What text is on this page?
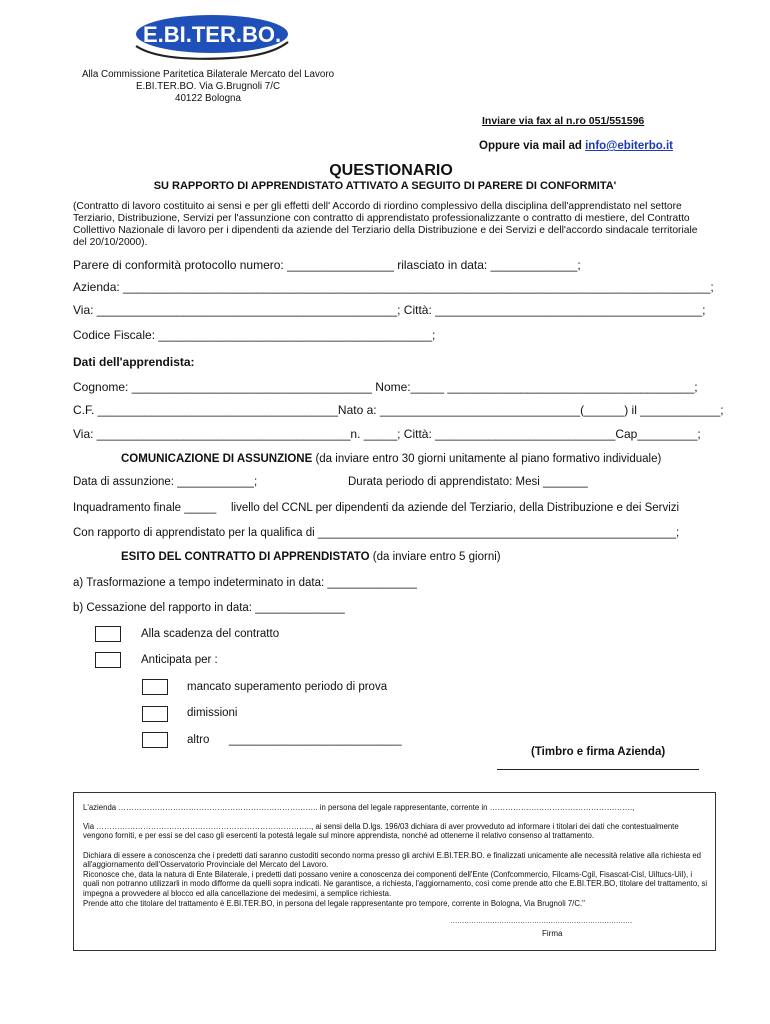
E.BI.TER.BO.
Alla Commissione Paritetica Bilaterale Mercato del Lavoro
E.BI.TER.BO. Via G.Brugnoli 7/C
40122 Bologna
Inviare via fax al n.ro 051/551596
Oppure via mail ad info@ebiterbo.it
QUESTIONARIO
SU RAPPORTO DI APPRENDISTATO ATTIVATO A SEGUITO DI PARERE DI CONFORMITA'
(Contratto di lavoro costituito ai sensi e per gli effetti dell' Accordo di riordino complessivo della disciplina dell'apprendistato nel settore Terziario, Distribuzione, Servizi per l'assunzione con contratto di apprendistato professionalizzante o contratto di mestiere, del Contratto Collettivo Nazionale di lavoro per i dipendenti da aziende del Terziario della Distribuzione e dei Servizi e dell'accordo sindacale territoriale del 20/10/2000).
Parere di conformità protocollo numero: ________________ rilasciato in data: _____________;
Azienda: ________________________________________________________________________________________;
Via: _____________________________________________; Città: ________________________________________;
Codice Fiscale: _________________________________________;
Dati dell'apprendista:
Cognome: ____________________________________ Nome:_____ _____________________________________;
C.F. ____________________________________Nato a: ______________________________(______) il ____________;
Via: ______________________________________n. _____; Città: ___________________________Cap_________;
COMUNICAZIONE DI ASSUNZIONE (da inviare entro 30 giorni unitamente al piano formativo individuale)
Data di assunzione: ____________;	Durata periodo di apprendistato: Mesi _______
Inquadramento finale _____ livello del CCNL per dipendenti da aziende del Terziario, della Distribuzione e dei Servizi
Con rapporto di apprendistato per la qualifica di ________________________________________________________;
ESITO DEL CONTRATTO DI APPRENDISTATO (da inviare entro 5 giorni)
a) Trasformazione a tempo indeterminato in data: ______________
b) Cessazione del rapporto in data: ______________
Alla scadenza del contratto
Anticipata per :
mancato superamento periodo di prova
dimissioni
altro ___________________________
(Timbro e firma Azienda)
L'azienda ………………………………………………………………….. in persona del legale rappresentante, corrente in ……………………………………………….,
Via ……………………………………………………………………….., ai sensi della D.lgs. 196/03 dichiara di aver provveduto ad informare i titolari dei dati che contestualmente vengono forniti, e per essi se del caso gli esercenti la potestà legale sul minore apprendista, nonché ad ottenerne il relativo consenso al trattamento.
Dichiara di essere a conoscenza che i predetti dati saranno custoditi secondo norma presso gli archivi E.BI.TER.BO. e finalizzati unicamente alle necessità relative alla richiesta ed all'aggiornamento dell'Osservatorio Provinciale del Mercato del Lavoro.
Riconosce che, data la natura di Ente Bilaterale, i predetti dati possano venire a conoscenza dei componenti dell'Ente (Confcommercio, Filcams-Cgil, Fisascat-Cisl, Uiltucs-Uil), i quali non potranno utilizzarli in modo difforme da quelli sopra indicati. Ne garantisce, a richiesta, l'aggiornamento, così come prende atto che E.BI.TER.BO, titolare del trattamento, si impegna a provvedere al blocco ed alla cancellazione dei medesimi, a semplice richiesta.
Prende atto che titolare del trattamento è E.BI.TER.BO, in persona del legale rappresentante pro tempore, corrente in Bologna, Via Brugnoli 7/C."
……………………………………………………………………
Firma
